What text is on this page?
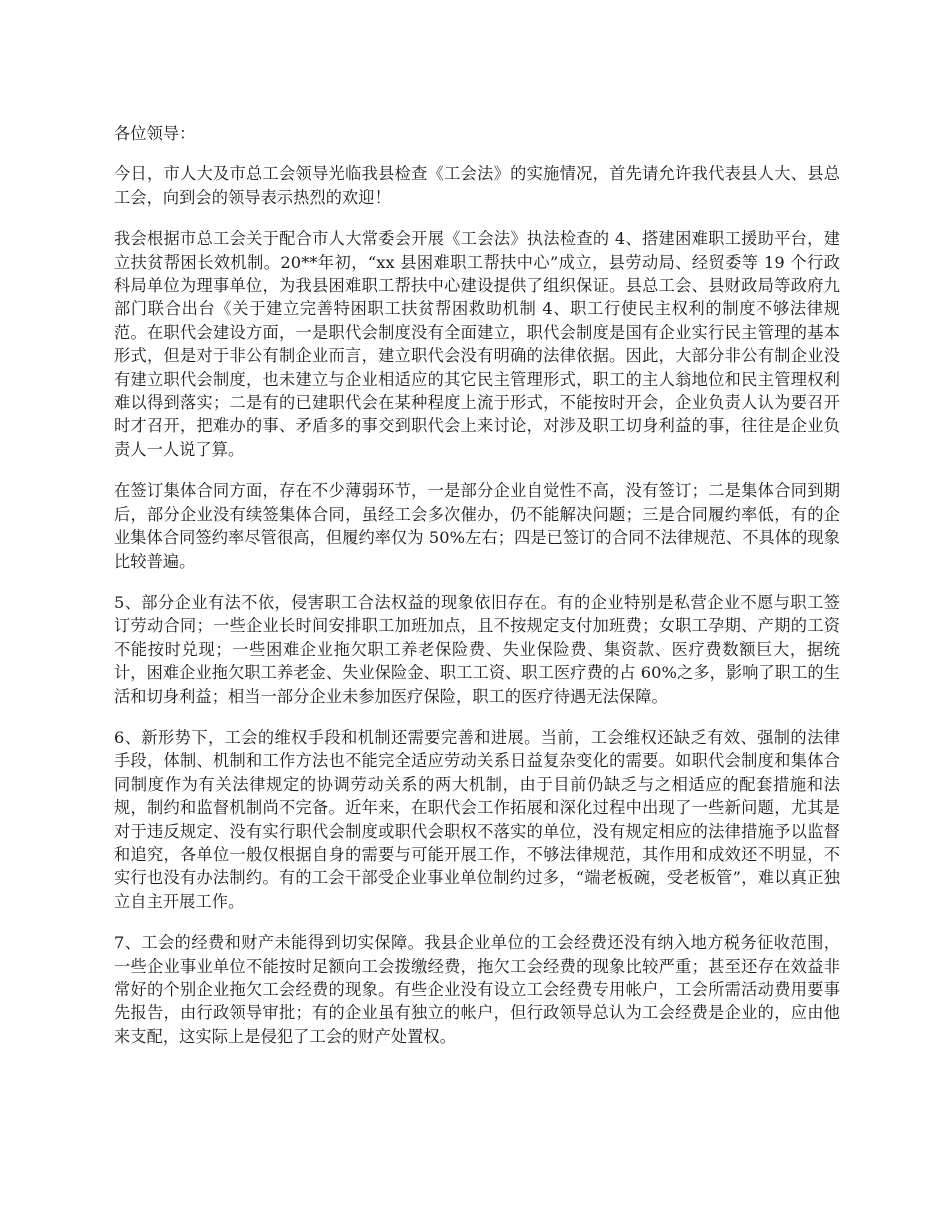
各位领导：

今日，市人大及市总工会领导光临我县检查《工会法》的实施情况，首先请允许我代表县人大、县总工会，向到会的领导表示热烈的欢迎！

我会根据市总工会关于配合市人大常委会开展《工会法》执法检查的 4、搭建困难职工援助平台，建立扶贫帮困长效机制。20**年初，“xx 县困难职工帮扶中心”成立，县劳动局、经贸委等 19 个行政科局单位为理事单位，为我县困难职工帮扶中心建设提供了组织保证。县总工会、县财政局等政府九部门联合出台《关于建立完善特困职工扶贫帮困救助机制 4、职工行使民主权利的制度不够法律规范。在职代会建设方面，一是职代会制度没有全面建立，职代会制度是国有企业实行民主管理的基本形式，但是对于非公有制企业而言，建立职代会没有明确的法律依据。因此，大部分非公有制企业没有建立职代会制度，也未建立与企业相适应的其它民主管理形式，职工的主人翁地位和民主管理权利难以得到落实；二是有的已建职代会在某种程度上流于形式，不能按时开会，企业负责人认为要召开时才召开，把难办的事、矛盾多的事交到职代会上来讨论，对涉及职工切身利益的事，往往是企业负责人一人说了算。

在签订集体合同方面，存在不少薄弱环节，一是部分企业自觉性不高，没有签订；二是集体合同到期后，部分企业没有续签集体合同，虽经工会多次催办，仍不能解决问题；三是合同履约率低，有的企业集体合同签约率尽管很高，但履约率仅为 50%左右；四是已签订的合同不法律规范、不具体的现象比较普遍。

5、部分企业有法不依，侵害职工合法权益的现象依旧存在。有的企业特别是私营企业不愿与职工签订劳动合同；一些企业长时间安排职工加班加点，且不按规定支付加班费；女职工孕期、产期的工资不能按时兑现；一些困难企业拖欠职工养老保险费、失业保险费、集资款、医疗费数额巨大，据统计，困难企业拖欠职工养老金、失业保险金、职工工资、职工医疗费的占 60%之多，影响了职工的生活和切身利益；相当一部分企业未参加医疗保险，职工的医疗待遇无法保障。

6、新形势下，工会的维权手段和机制还需要完善和进展。当前，工会维权还缺乏有效、强制的法律手段，体制、机制和工作方法也不能完全适应劳动关系日益复杂变化的需要。如职代会制度和集体合同制度作为有关法律规定的协调劳动关系的两大机制，由于目前仍缺乏与之相适应的配套措施和法规，制约和监督机制尚不完备。近年来，在职代会工作拓展和深化过程中出现了一些新问题，尤其是对于违反规定、没有实行职代会制度或职代会职权不落实的单位，没有规定相应的法律措施予以监督和追究，各单位一般仅根据自身的需要与可能开展工作，不够法律规范，其作用和成效还不明显，不实行也没有办法制约。有的工会干部受企业事业单位制约过多，“端老板碗，受老板管”，难以真正独立自主开展工作。

7、工会的经费和财产未能得到切实保障。我县企业单位的工会经费还没有纳入地方税务征收范围，一些企业事业单位不能按时足额向工会拨缴经费，拖欠工会经费的现象比较严重；甚至还存在效益非常好的个别企业拖欠工会经费的现象。有些企业没有设立工会经费专用帐户，工会所需活动费用要事先报告，由行政领导审批；有的企业虽有独立的帐户，但行政领导总认为工会经费是企业的，应由他来支配，这实际上是侵犯了工会的财产处置权。
